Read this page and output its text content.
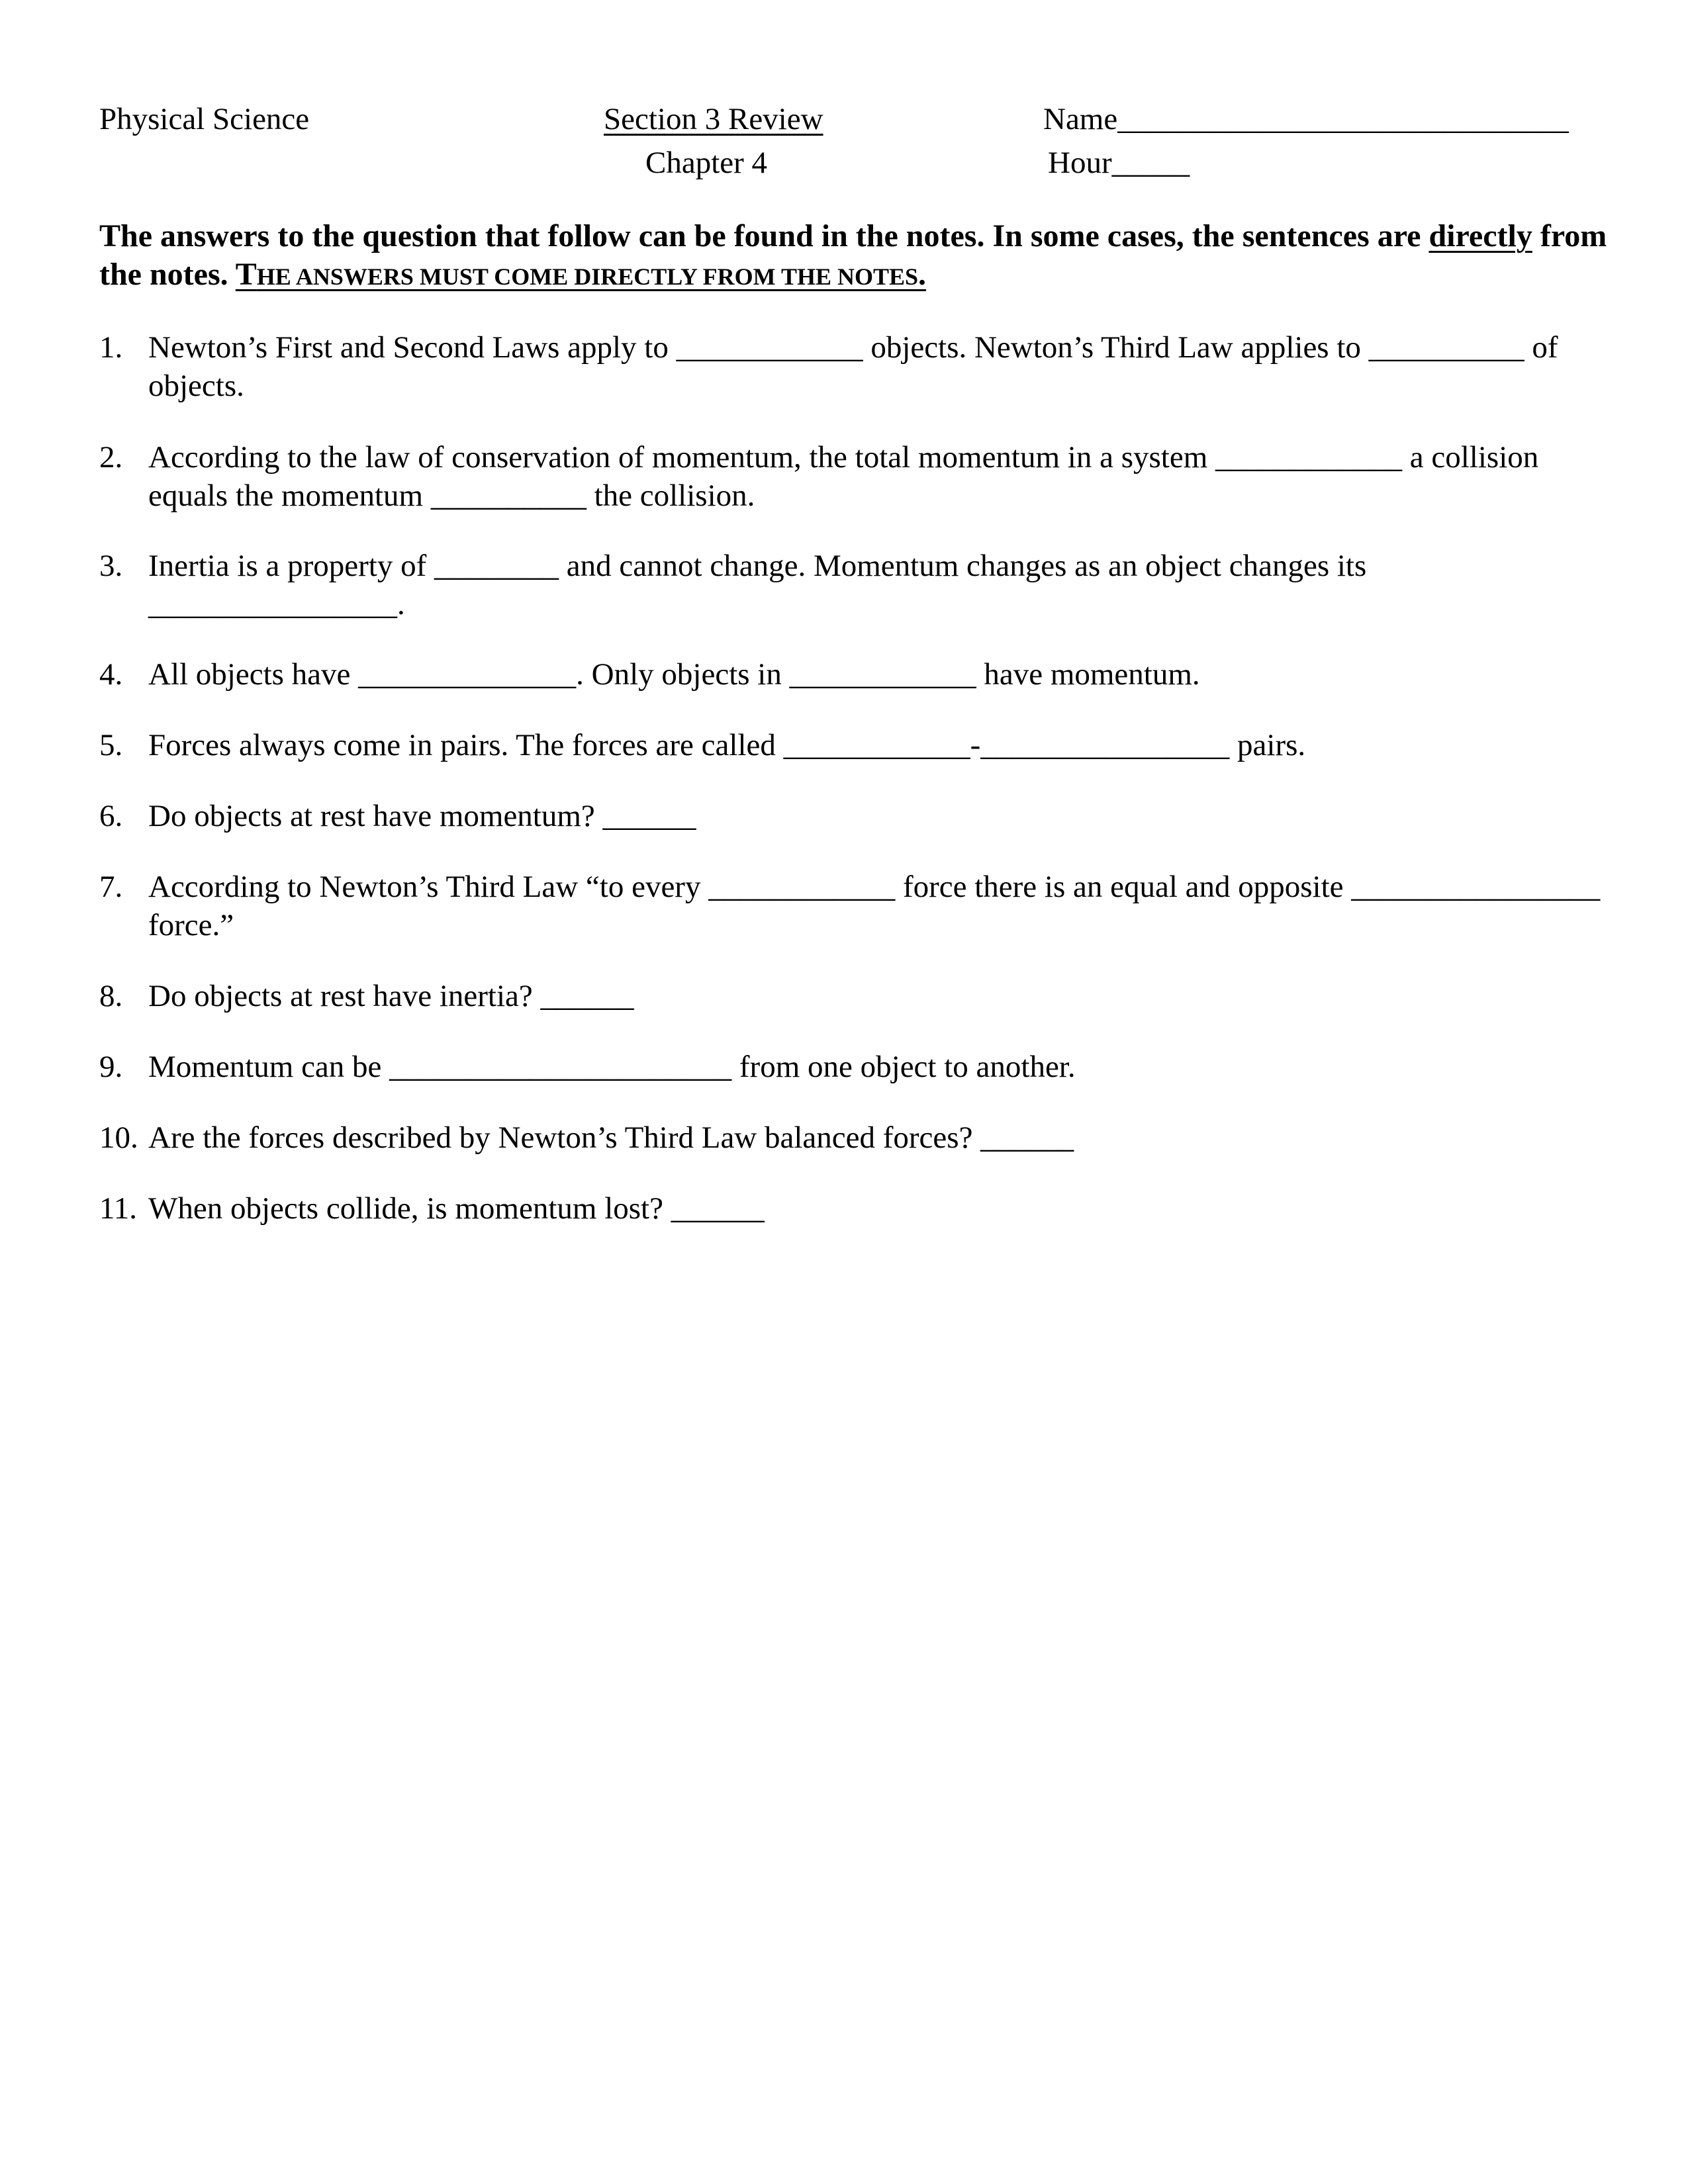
Physical Science	Section 3 Review
Chapter 4
Name_____________________________
Hour_____
The answers to the question that follow can be found in the notes. In some cases, the sentences are directly from the notes. THE ANSWERS MUST COME DIRECTLY FROM THE NOTES.
1. Newton’s First and Second Laws apply to ____________ objects. Newton’s Third Law applies to __________ of objects.
2. According to the law of conservation of momentum, the total momentum in a system ____________ a collision equals the momentum __________ the collision.
3. Inertia is a property of ________ and cannot change. Momentum changes as an object changes its ________________.
4. All objects have ______________. Only objects in ____________ have momentum.
5. Forces always come in pairs. The forces are called ____________-________________ pairs.
6. Do objects at rest have momentum? ______
7. According to Newton’s Third Law “to every ____________ force there is an equal and opposite ________________ force.”
8. Do objects at rest have inertia? ______
9. Momentum can be ______________________ from one object to another.
10. Are the forces described by Newton’s Third Law balanced forces? ______
11. When objects collide, is momentum lost? ______
